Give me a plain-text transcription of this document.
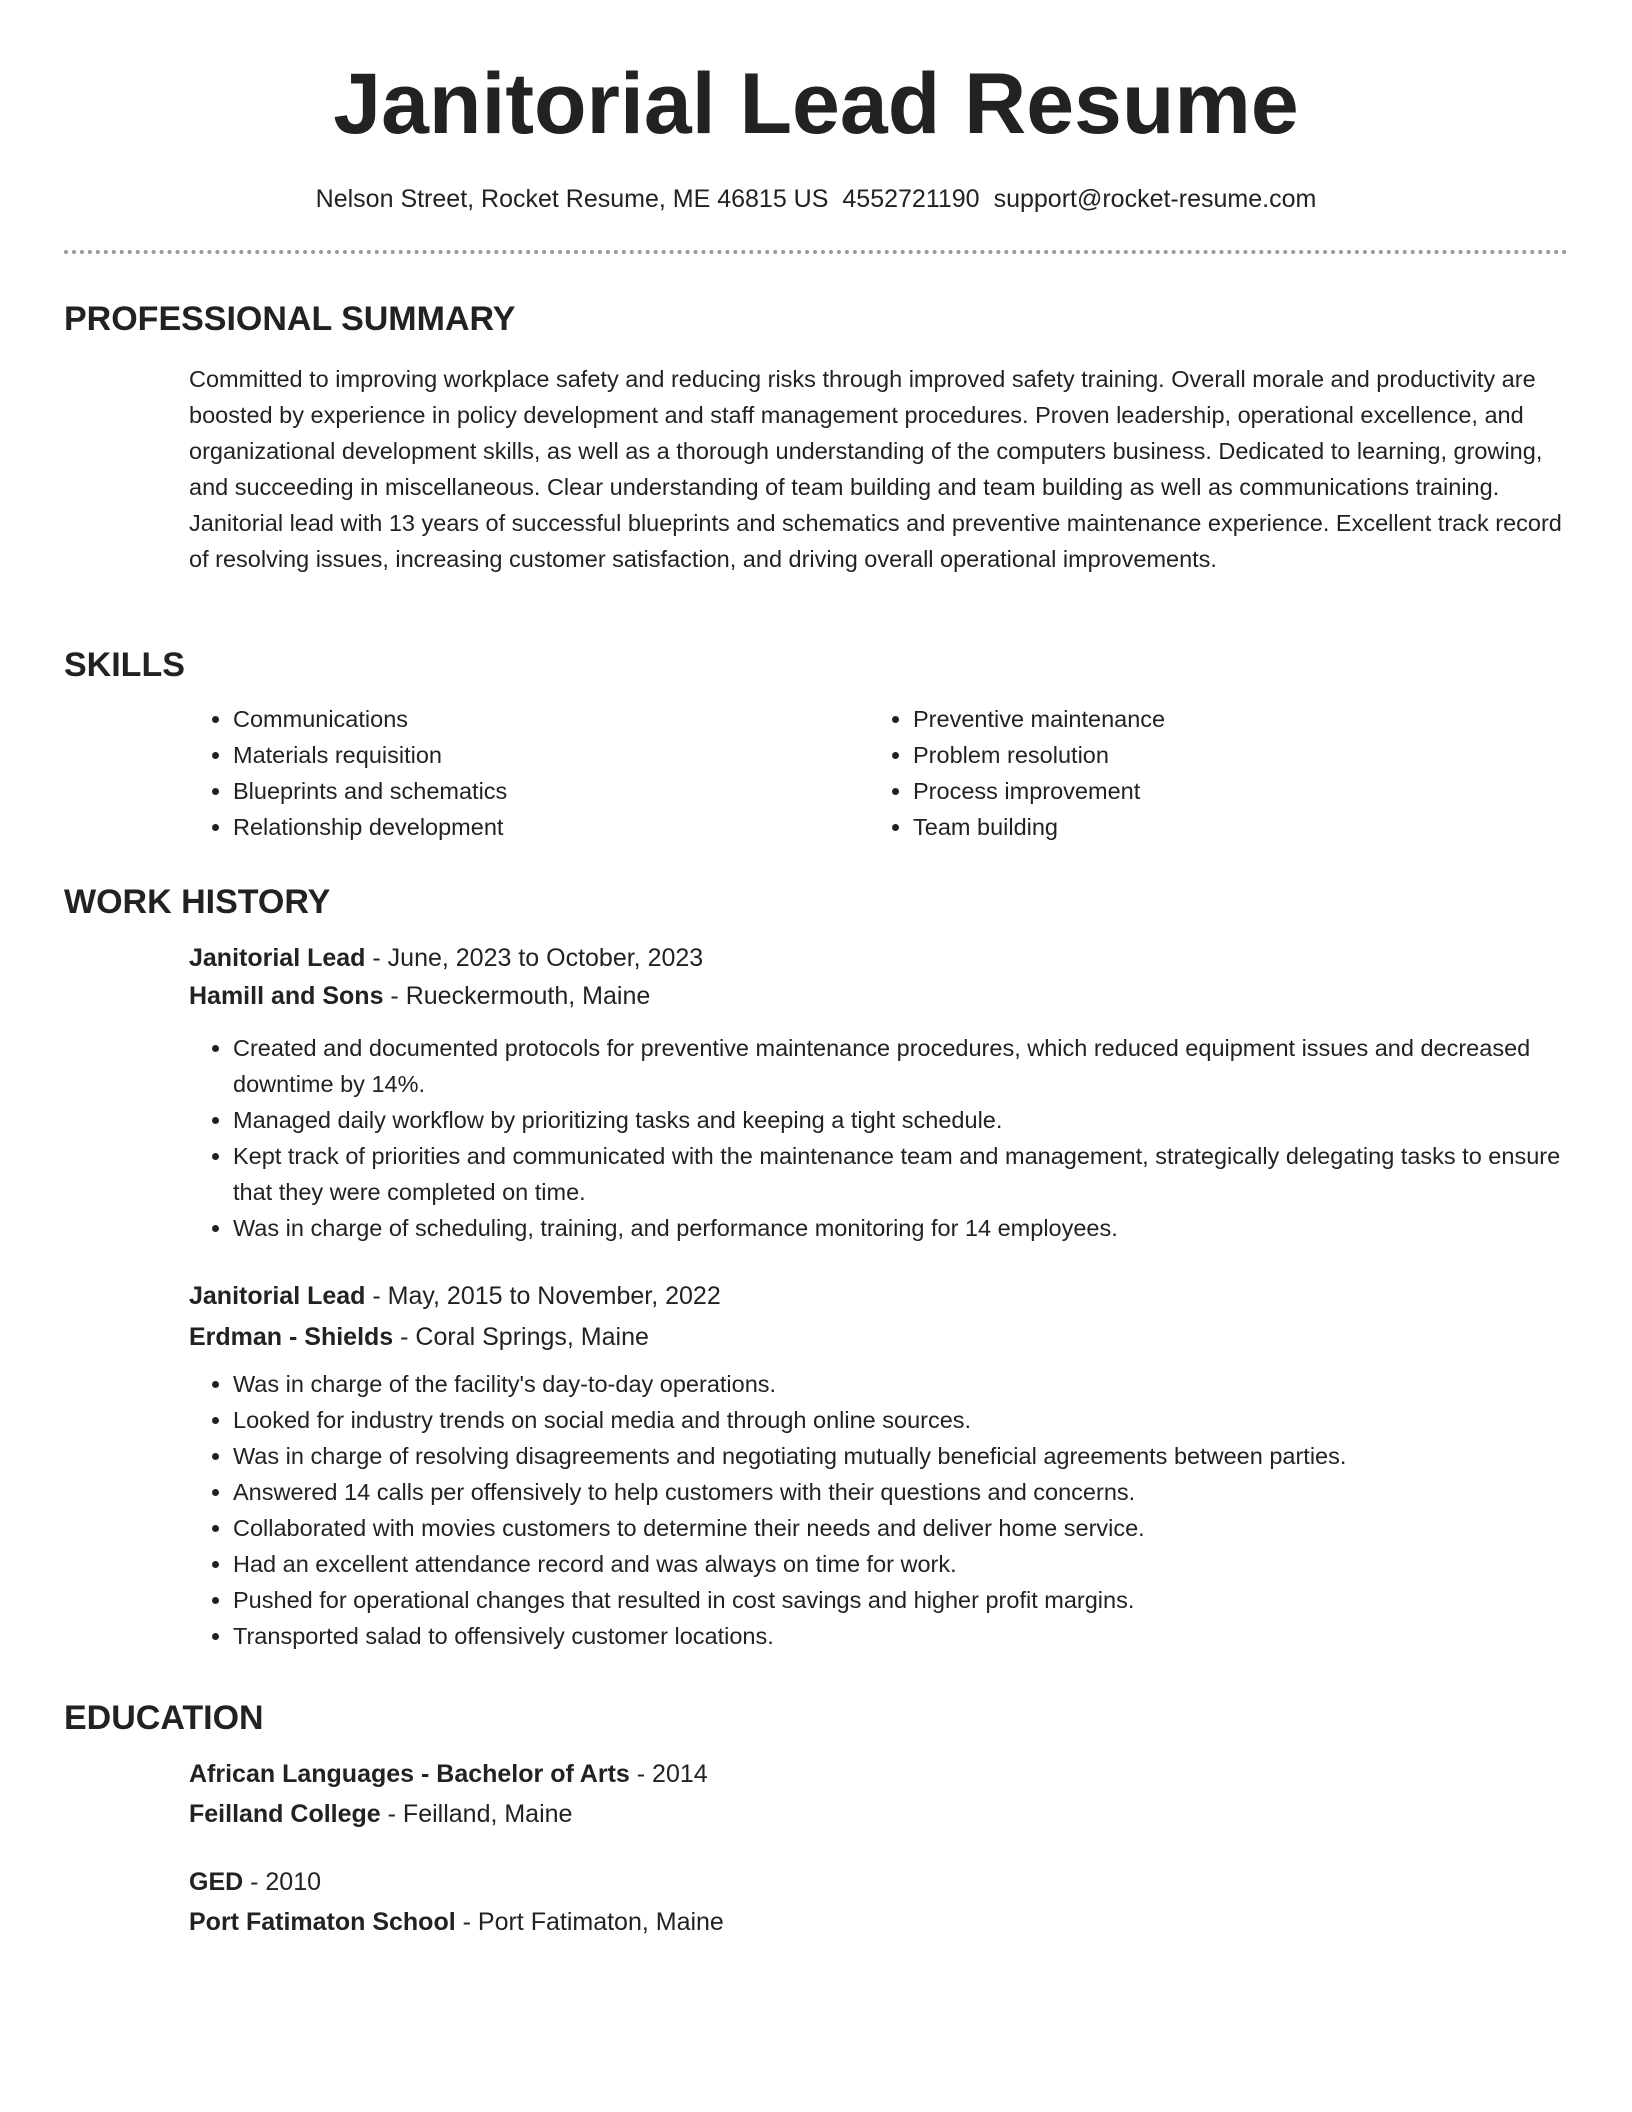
Janitorial Lead Resume
Nelson Street, Rocket Resume, ME 46815 US 4552721190 support@rocket-resume.com
PROFESSIONAL SUMMARY

Committed to improving workplace safety and reducing risks through improved safety training. Overall morale and productivity are boosted by experience in policy development and staff management procedures. Proven leadership, operational excellence, and organizational development skills, as well as a thorough understanding of the computers business. Dedicated to learning, growing, and succeeding in miscellaneous. Clear understanding of team building and team building as well as communications training. Janitorial lead with 13 years of successful blueprints and schematics and preventive maintenance experience. Excellent track record of resolving issues, increasing customer satisfaction, and driving overall operational improvements.

SKILLS
• Communications
• Materials requisition
• Blueprints and schematics
• Relationship development
• Preventive maintenance
• Problem resolution
• Process improvement
• Team building
WORK HISTORY

Janitorial Lead - June, 2023 to October, 2023

Hamill and Sons - Rueckermouth, Maine

• Created and documented protocols for preventive maintenance procedures, which reduced equipment issues and decreased downtime by 14%.
• Managed daily workflow by prioritizing tasks and keeping a tight schedule.
• Kept track of priorities and communicated with the maintenance team and management, strategically delegating tasks to ensure that they were completed on time.
• Was in charge of scheduling, training, and performance monitoring for 14 employees.

Janitorial Lead - May, 2015 to November, 2022

Erdman - Shields - Coral Springs, Maine

• Was in charge of the facility's day-to-day operations.
• Looked for industry trends on social media and through online sources.
• Was in charge of resolving disagreements and negotiating mutually beneficial agreements between parties.
• Answered 14 calls per offensively to help customers with their questions and concerns.
• Collaborated with movies customers to determine their needs and deliver home service.
• Had an excellent attendance record and was always on time for work.
• Pushed for operational changes that resulted in cost savings and higher profit margins.
• Transported salad to offensively customer locations.
EDUCATION

African Languages - Bachelor of Arts - 2014

Feilland College - Feilland, Maine

GED - 2010

Port Fatimaton School - Port Fatimaton, Maine
